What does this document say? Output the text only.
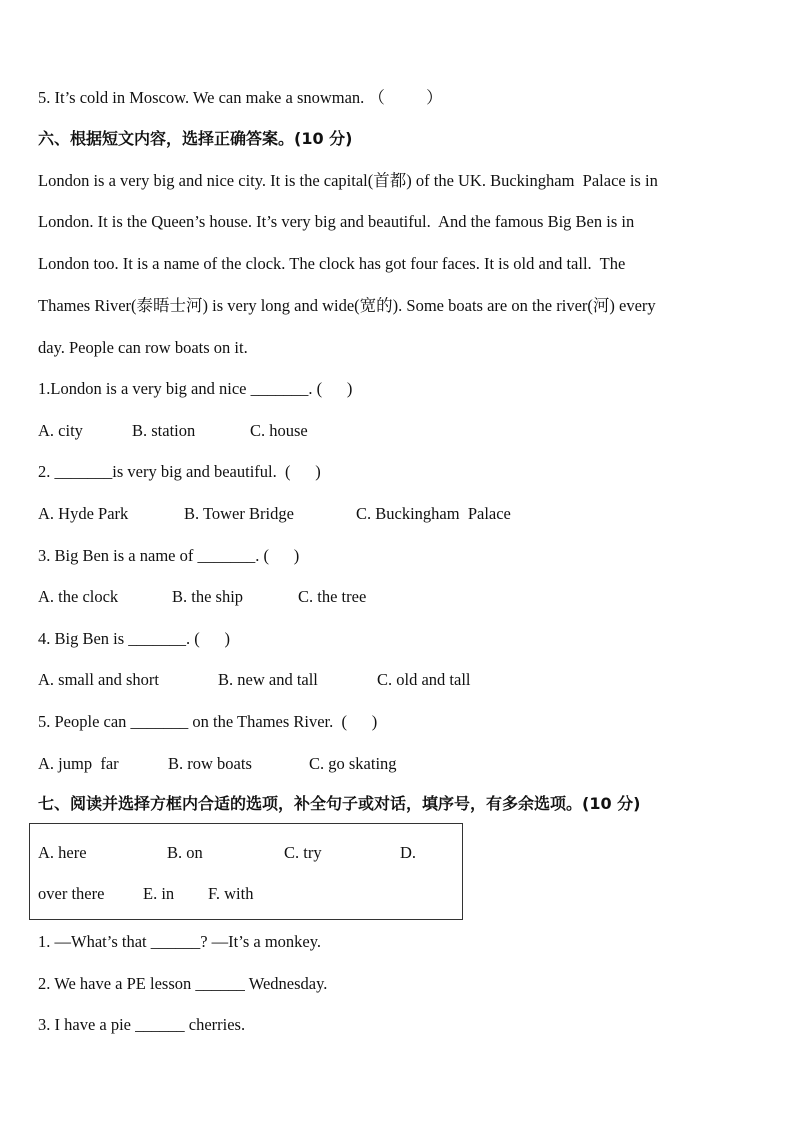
5. It’s cold in Moscow. We can make a snowman. （          ）
六、根据短文内容，选择正确答案。(10 分)
London is a very big and nice city. It is the capital(首都) of the UK. Buckingham  Palace is in
London. It is the Queen’s house. It’s very big and beautiful.  And the famous Big Ben is in
London too. It is a name of the clock. The clock has got four faces. It is old and tall.  The
Thames River(泰晤士河) is very long and wide(宽的). Some boats are on the river(河) every
day. People can row boats on it.
1.London is a very big and nice _______. (      )

A. city

	B. station

	C. house

2. _______is very big and beautiful.  (      )

A. Hyde Park

	B. Tower Bridge

	C. Buckingham  Palace

3. Big Ben is a name of _______. (      )

A. the clock

	B. the ship

	C. the tree

4. Big Ben is _______. (      )

A. small and short

	B. new and tall

	C. old and tall

5. People can _______ on the Thames River.  (      )

A. jump  far

	B. row boats

	C. go skating

七、阅读并选择方框内合适的选项，补全句子或对话，填序号，有多余选项。(10 分)
A. here	B. on	C. try	D.
over there E. in F. with
1. —What’s that ______? —It’s a monkey.
2. We have a PE lesson ______ Wednesday.
3. I have a pie ______ cherries.
